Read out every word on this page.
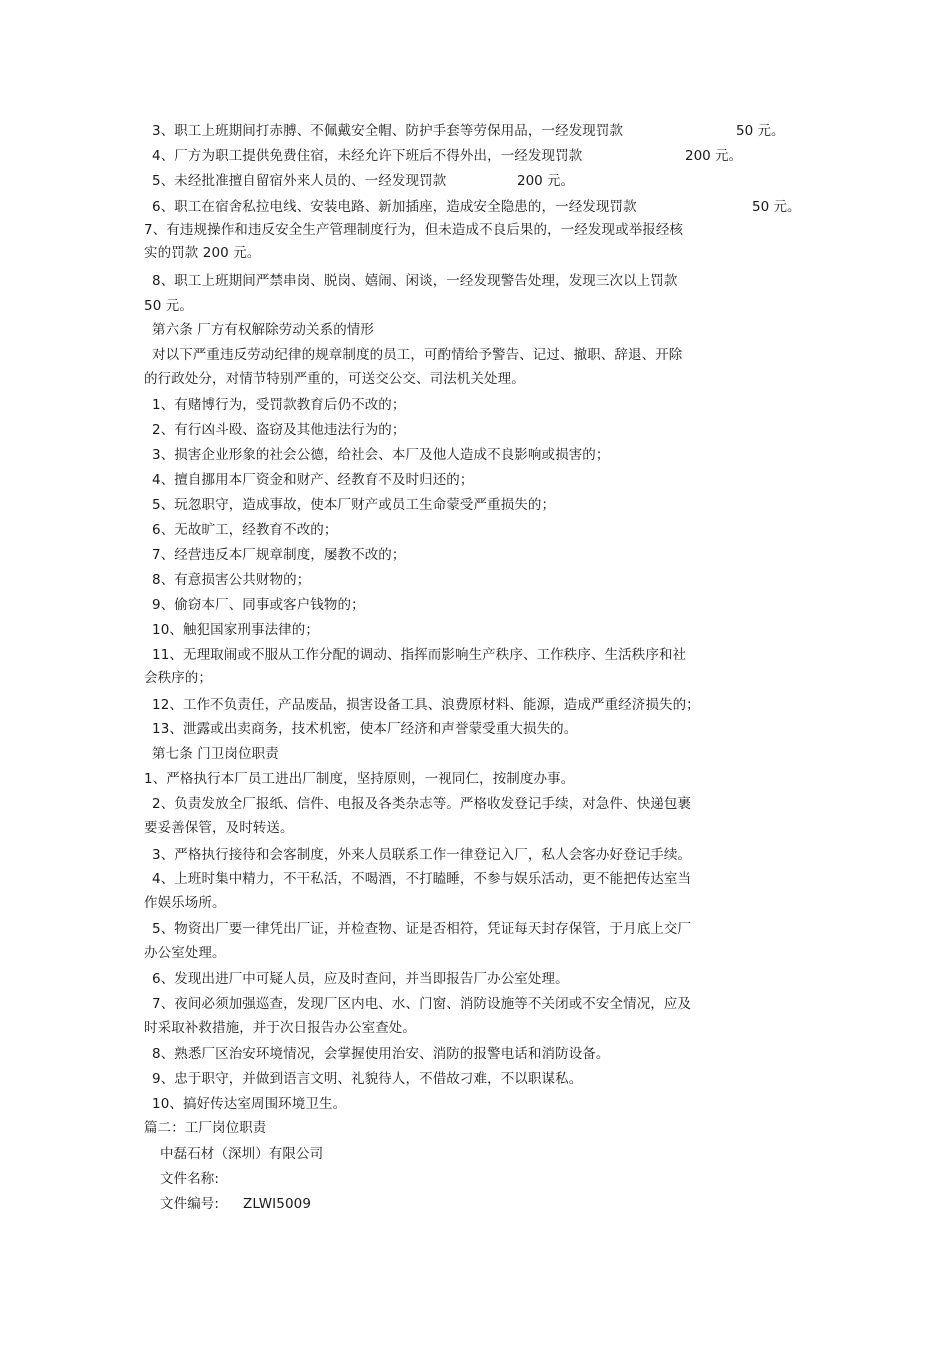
3、职工上班期间打赤膊、不佩戴安全帽、防护手套等劳保用品，一经发现罚款	50 元。
4、厂方为职工提供免费住宿，未经允许下班后不得外出，一经发现罚款	200 元。
5、未经批准擅自留宿外来人员的、一经发现罚款	200 元。
6、职工在宿舍私拉电线、安装电路、新加插座，造成安全隐患的，一经发现罚款	50 元。
7、有违规操作和违反安全生产管理制度行为，但未造成不良后果的，一经发现或举报经核
实的罚款 200 元。
8、职工上班期间严禁串岗、脱岗、嬉闹、闲谈，一经发现警告处理，发现三次以上罚款
50 元。
第六条 厂方有权解除劳动关系的情形
对以下严重违反劳动纪律的规章制度的员工，可酌情给予警告、记过、撤职、辞退、开除
的行政处分，对情节特别严重的，可送交公交、司法机关处理。
1、有赌博行为，受罚款教育后仍不改的；
2、有行凶斗殴、盗窃及其他违法行为的；
3、损害企业形象的社会公德，给社会、本厂及他人造成不良影响或损害的；
4、擅自挪用本厂资金和财产、经教育不及时归还的；
5、玩忽职守，造成事故，使本厂财产或员工生命蒙受严重损失的；
6、无故旷工，经教育不改的；
7、经营违反本厂规章制度，屡教不改的；
8、有意损害公共财物的；
9、偷窃本厂、同事或客户钱物的；
10、触犯国家刑事法律的；
11、无理取闹或不服从工作分配的调动、指挥而影响生产秩序、工作秩序、生活秩序和社
会秩序的；
12、工作不负责任，产品废品，损害设备工具、浪费原材料、能源，造成严重经济损失的；
13、泄露或出卖商务，技术机密，使本厂经济和声誉蒙受重大损失的。
第七条 门卫岗位职责
1、严格执行本厂员工进出厂制度，坚持原则，一视同仁，按制度办事。
2、负责发放全厂报纸、信件、电报及各类杂志等。严格收发登记手续，对急件、快递包裹
要妥善保管，及时转送。
3、严格执行接待和会客制度，外来人员联系工作一律登记入厂，私人会客办好登记手续。
4、上班时集中精力，不干私活，不喝酒，不打瞌睡，不参与娱乐活动，更不能把传达室当
作娱乐场所。
5、物资出厂要一律凭出厂证，并检查物、证是否相符，凭证每天封存保管，于月底上交厂
办公室处理。
6、发现出进厂中可疑人员，应及时查问，并当即报告厂办公室处理。
7、夜间必须加强巡查，发现厂区内电、水、门窗、消防设施等不关闭或不安全情况，应及
时采取补救措施，并于次日报告办公室查处。
8、熟悉厂区治安环境情况，会掌握使用治安、消防的报警电话和消防设备。
9、忠于职守，并做到语言文明、礼貌待人，不借故刁难，不以职谋私。
10、搞好传达室周围环境卫生。
篇二：工厂岗位职责
中磊石材（深圳）有限公司
文件名称:
文件编号: ZLWI5009
